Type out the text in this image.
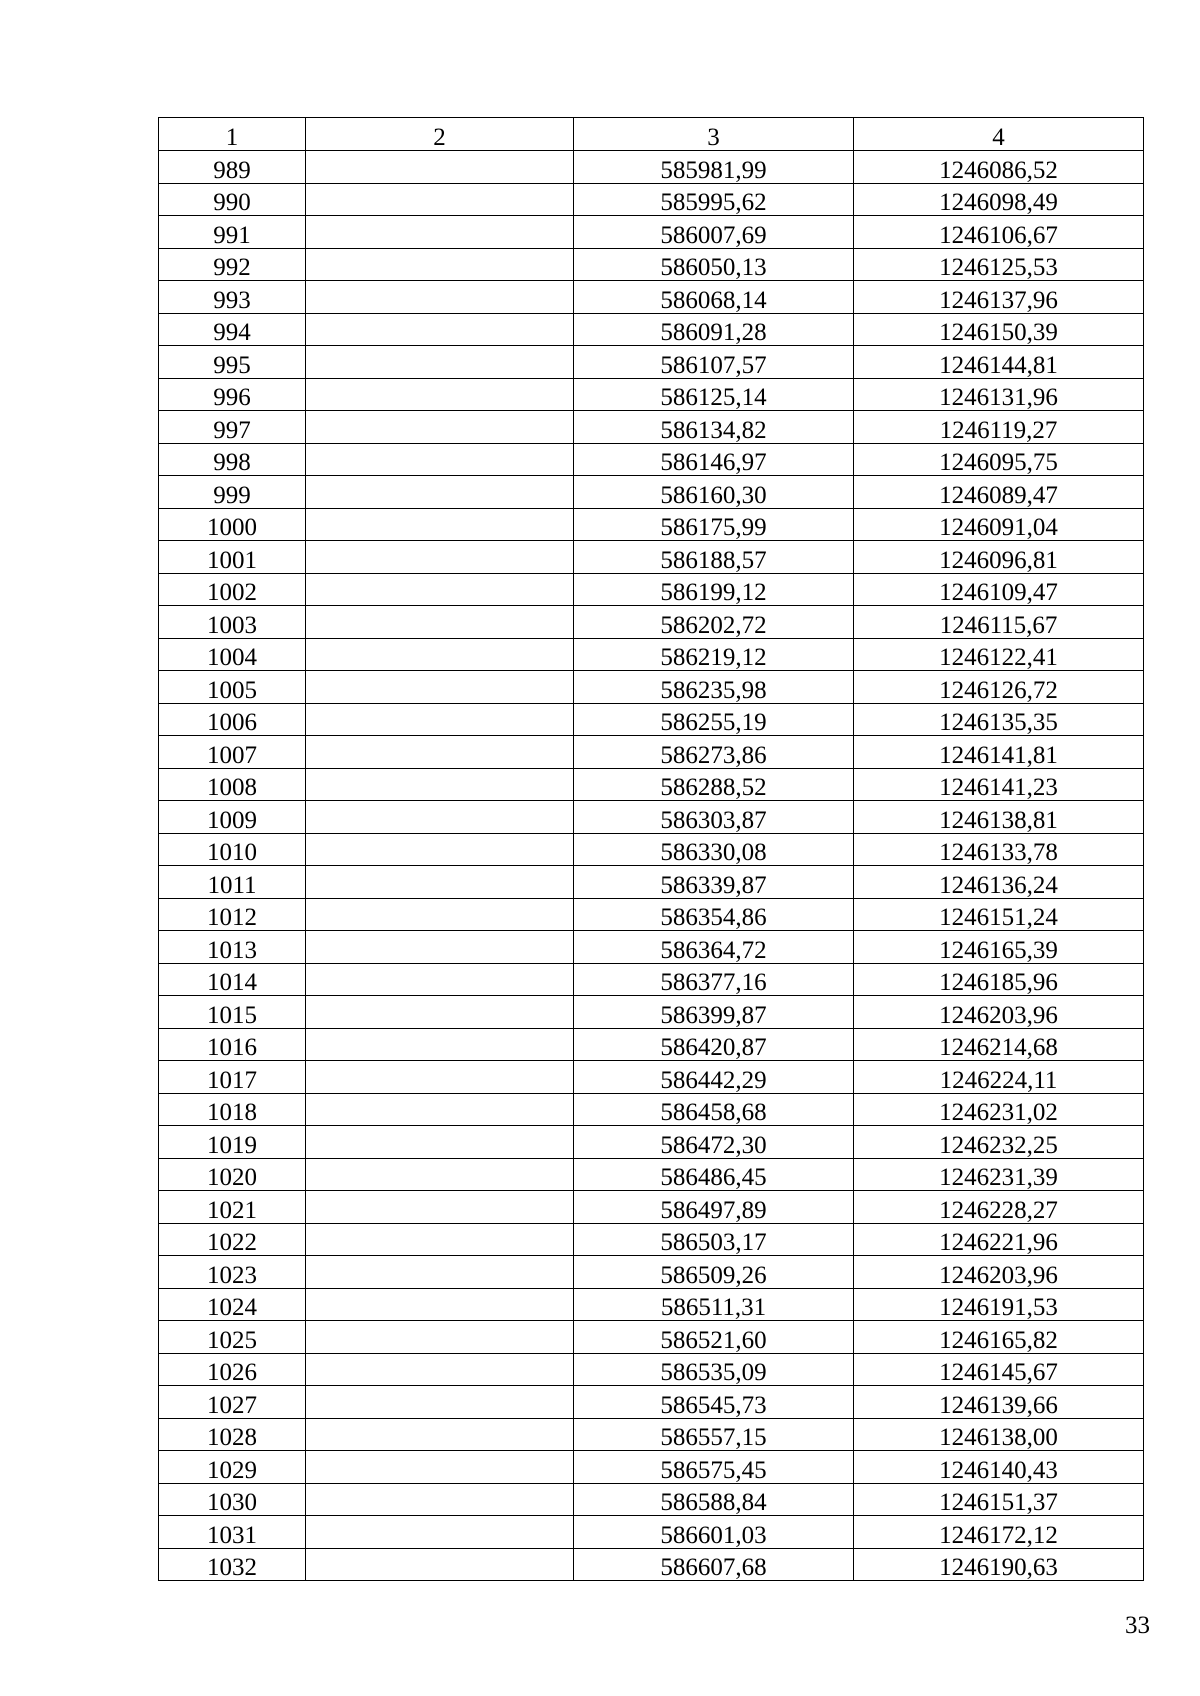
1	2	3	4
989		585981,99	1246086,52
990		585995,62	1246098,49
991		586007,69	1246106,67
992		586050,13	1246125,53
993		586068,14	1246137,96
994		586091,28	1246150,39
995		586107,57	1246144,81
996		586125,14	1246131,96
997		586134,82	1246119,27
998		586146,97	1246095,75
999		586160,30	1246089,47
1000		586175,99	1246091,04
1001		586188,57	1246096,81
1002		586199,12	1246109,47
1003		586202,72	1246115,67
1004		586219,12	1246122,41
1005		586235,98	1246126,72
1006		586255,19	1246135,35
1007		586273,86	1246141,81
1008		586288,52	1246141,23
1009		586303,87	1246138,81
1010		586330,08	1246133,78
1011		586339,87	1246136,24
1012		586354,86	1246151,24
1013		586364,72	1246165,39
1014		586377,16	1246185,96
1015		586399,87	1246203,96
1016		586420,87	1246214,68
1017		586442,29	1246224,11
1018		586458,68	1246231,02
1019		586472,30	1246232,25
1020		586486,45	1246231,39
1021		586497,89	1246228,27
1022		586503,17	1246221,96
1023		586509,26	1246203,96
1024		586511,31	1246191,53
1025		586521,60	1246165,82
1026		586535,09	1246145,67
1027		586545,73	1246139,66
1028		586557,15	1246138,00
1029		586575,45	1246140,43
1030		586588,84	1246151,37
1031		586601,03	1246172,12
1032		586607,68	1246190,63
33
